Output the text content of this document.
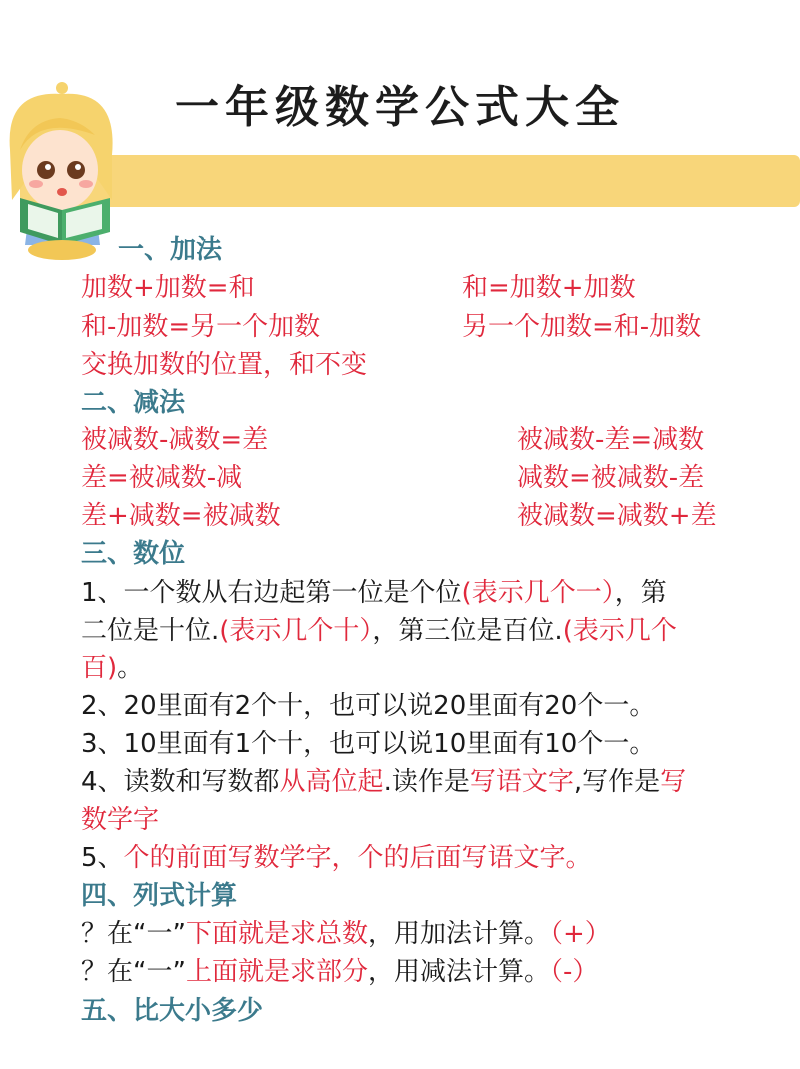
一年级数学公式大全
一、加法
加数+加数=和	和=加数+加数
和-加数=另一个加数	另一个加数=和-加数
交换加数的位置，和不变
二、减法
被减数-减数=差	被减数-差=减数
差=被减数-减	减数=被减数-差
差+减数=被减数	被减数=减数+差
三、数位
1、一个数从右边起第一位是个位(表示几个一），第
二位是十位.(表示几个十），第三位是百位.(表示几个
百)。
2、20里面有2个十，也可以说20里面有20个一。
3、10里面有1个十，也可以说10里面有10个一。
4、读数和写数都从高位起.读作是写语文字,写作是写
数学字
5、个的前面写数学字，个的后面写语文字。
四、列式计算
？在“一”下面就是求总数，用加法计算。（+）
？在“一”上面就是求部分，用减法计算。（-）
五、比大小多少
